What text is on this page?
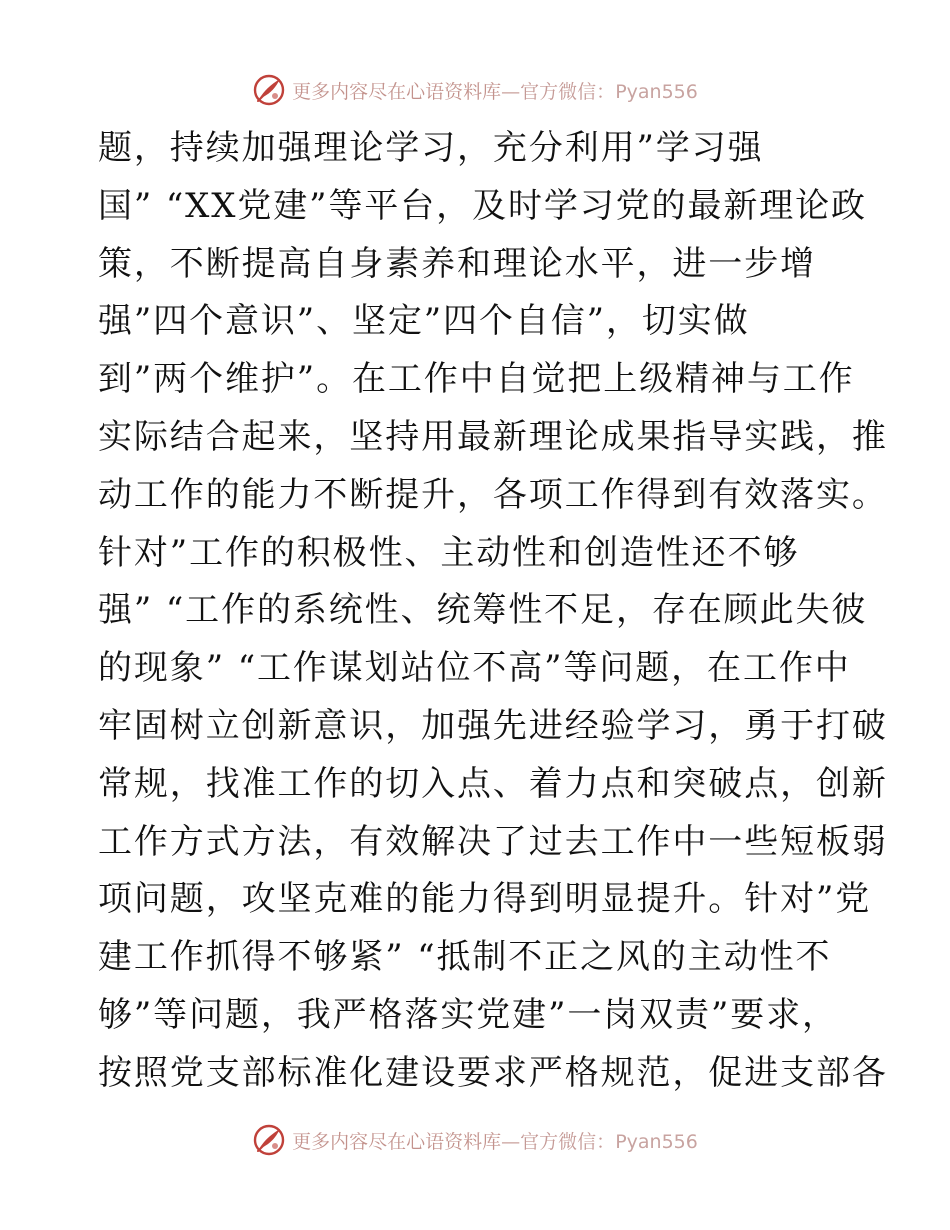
更多内容尽在心语资料库—官方微信：Pyan556
题，持续加强理论学习，充分利用”学习强
国” “XX党建”等平台，及时学习党的最新理论政
策，不断提高自身素养和理论水平，进一步增
强”四个意识”、坚定”四个自信”，切实做
到”两个维护”。在工作中自觉把上级精神与工作
实际结合起来，坚持用最新理论成果指导实践，推
动工作的能力不断提升，各项工作得到有效落实。
针对”工作的积极性、主动性和创造性还不够
强” “工作的系统性、统筹性不足，存在顾此失彼
的现象” “工作谋划站位不高”等问题，在工作中
牢固树立创新意识，加强先进经验学习，勇于打破
常规，找准工作的切入点、着力点和突破点，创新
工作方式方法，有效解决了过去工作中一些短板弱
项问题，攻坚克难的能力得到明显提升。针对”党
建工作抓得不够紧” “抵制不正之风的主动性不
够”等问题，我严格落实党建”一岗双责”要求，
按照党支部标准化建设要求严格规范，促进支部各
更多内容尽在心语资料库—官方微信：Pyan556
